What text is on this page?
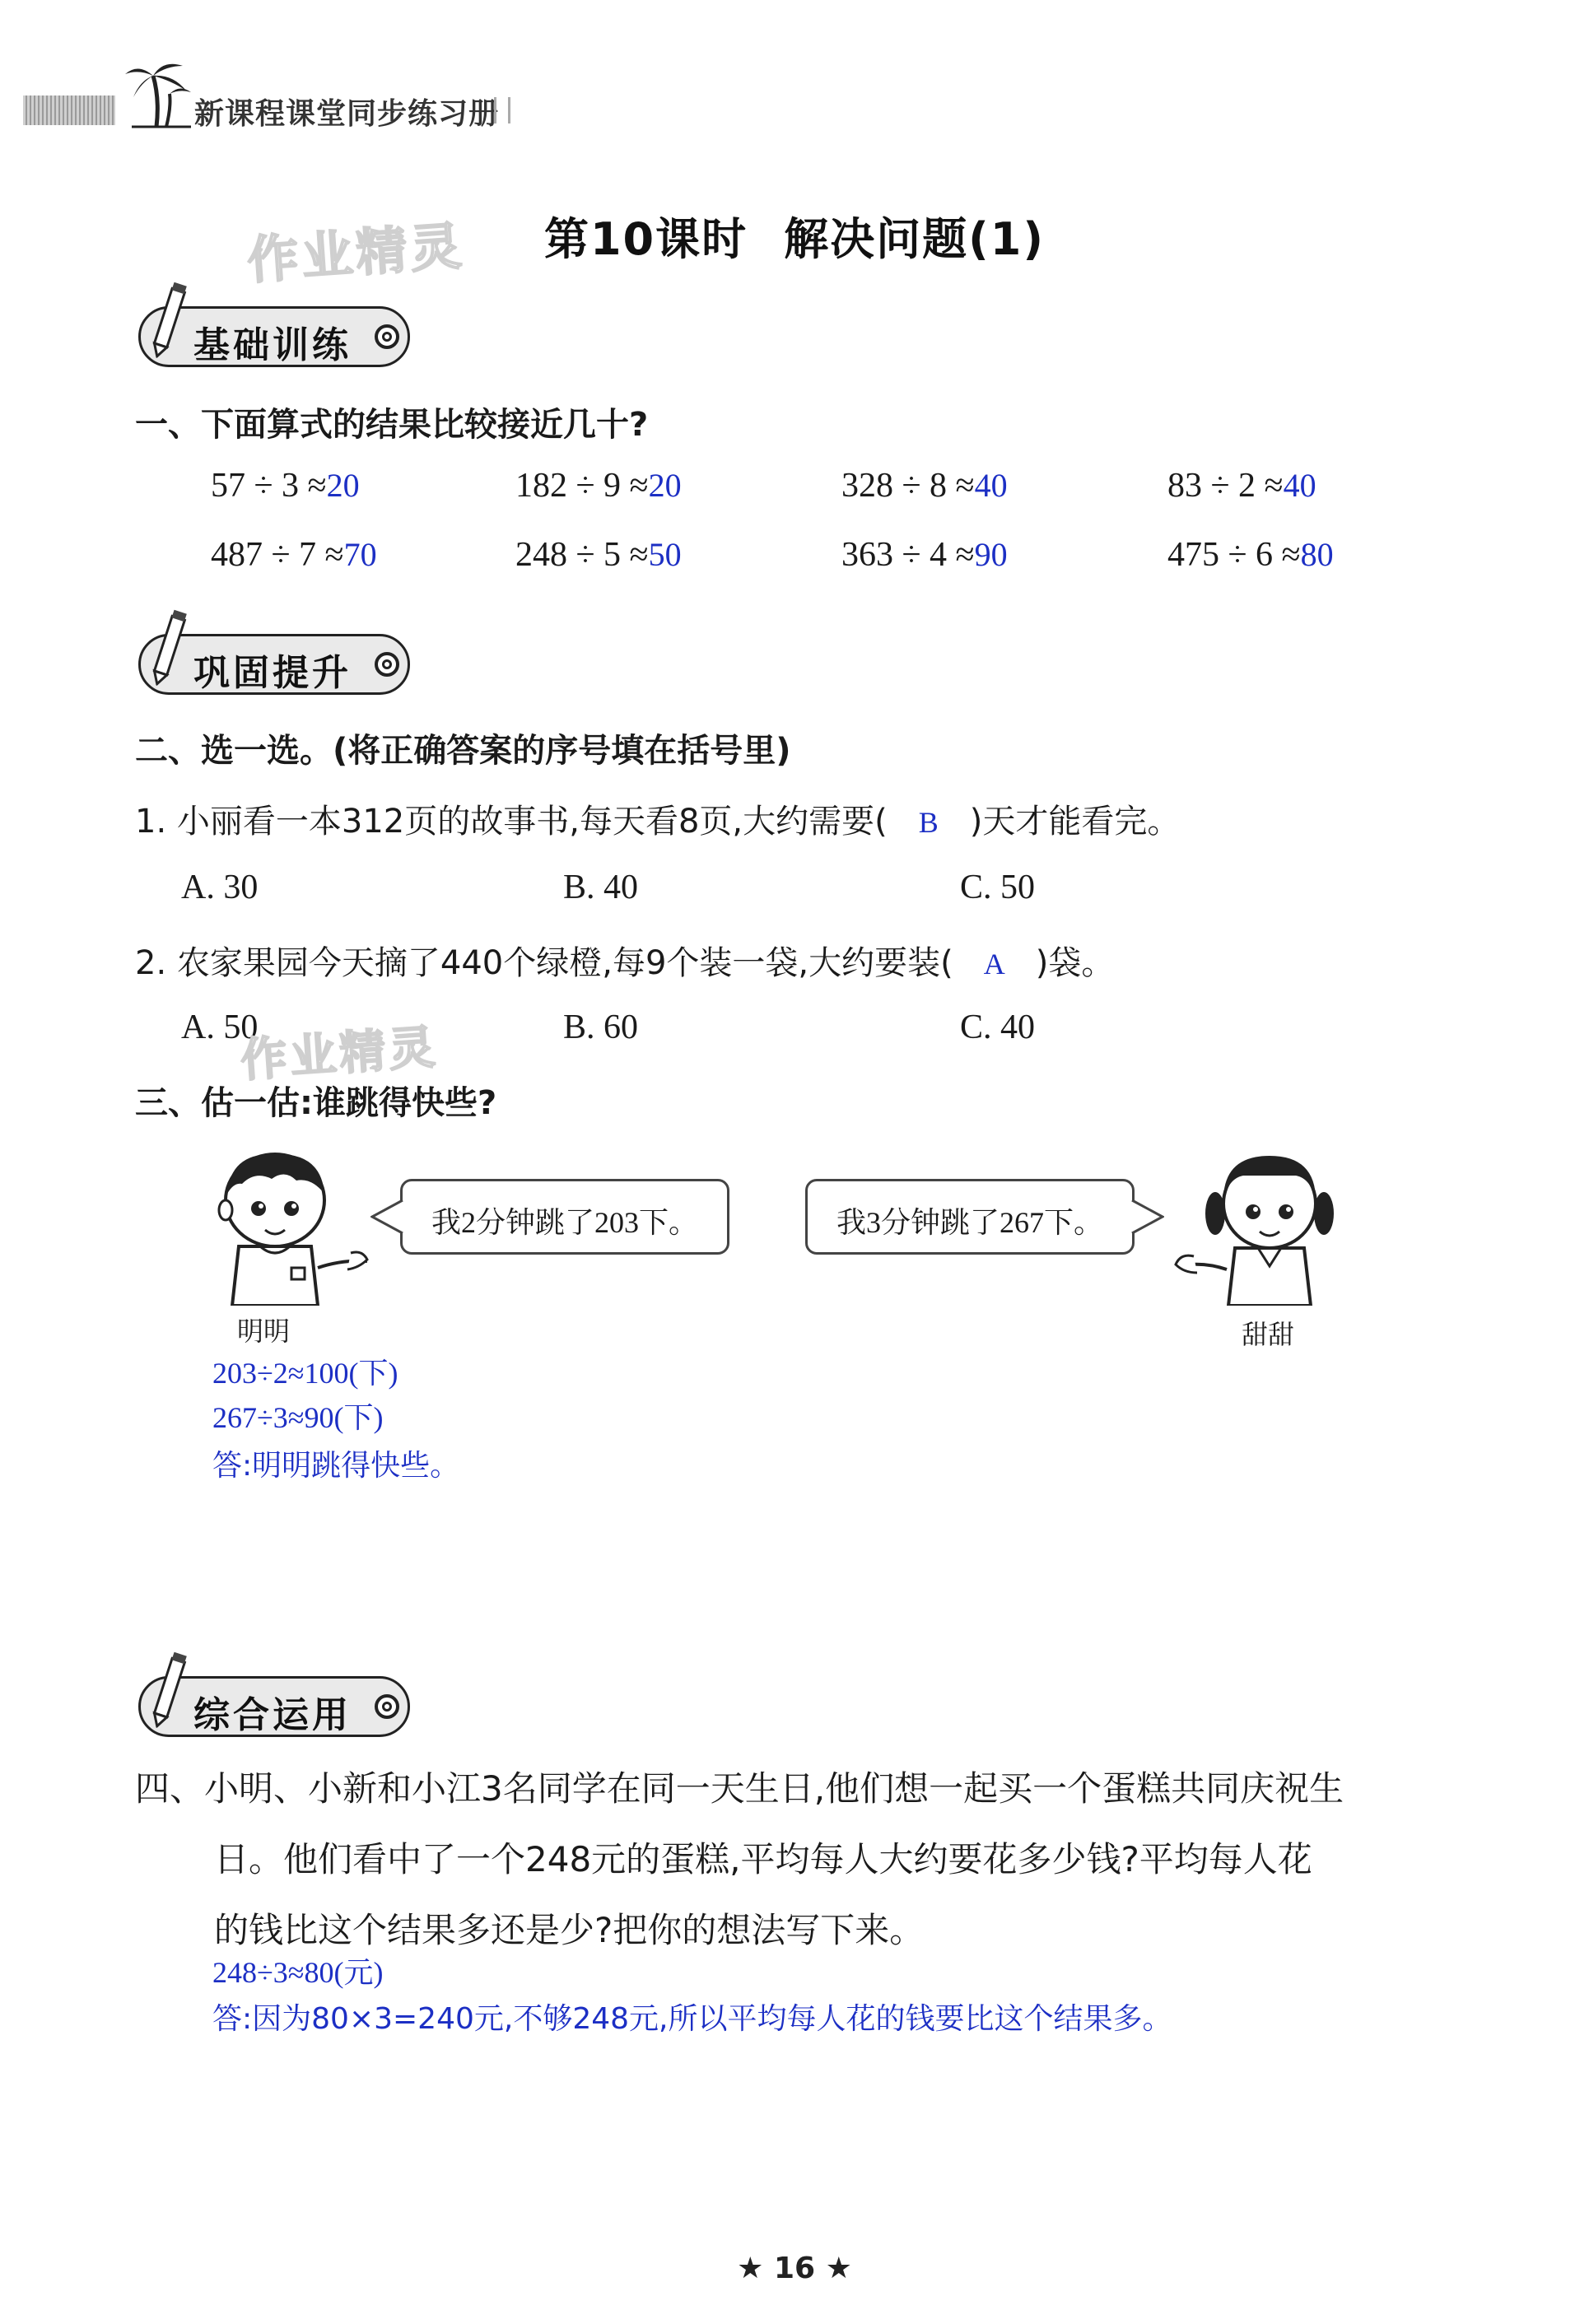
新课程课堂同步练习册
第10课时 解决问题(1)
作业精灵
基础训练
一、下面算式的结果比较接近几十?
57 ÷ 3 ≈20	182 ÷ 9 ≈20	328 ÷ 8 ≈40	83 ÷ 2 ≈40
487 ÷ 7 ≈70	248 ÷ 5 ≈50	363 ÷ 4 ≈90	475 ÷ 6 ≈80
巩固提升
二、选一选。(将正确答案的序号填在括号里)
1. 小丽看一本312页的故事书,每天看8页,大约需要( B )天才能看完。
A. 30	B. 40	C. 50
2. 农家果园今天摘了440个绿橙,每9个装一袋,大约要装( A )袋。
A. 50	B. 60	C. 40
作业精灵
三、估一估:谁跳得快些?
明明
我2分钟跳了203下。	我3分钟跳了267下。
甜甜
203÷2≈100(下)
267÷3≈90(下)
答:明明跳得快些。
综合运用
四、小明、小新和小江3名同学在同一天生日,他们想一起买一个蛋糕共同庆祝生
日。他们看中了一个248元的蛋糕,平均每人大约要花多少钱?平均每人花
的钱比这个结果多还是少?把你的想法写下来。
248÷3≈80(元)
答:因为80×3=240元,不够248元,所以平均每人花的钱要比这个结果多。
★ 16 ★
